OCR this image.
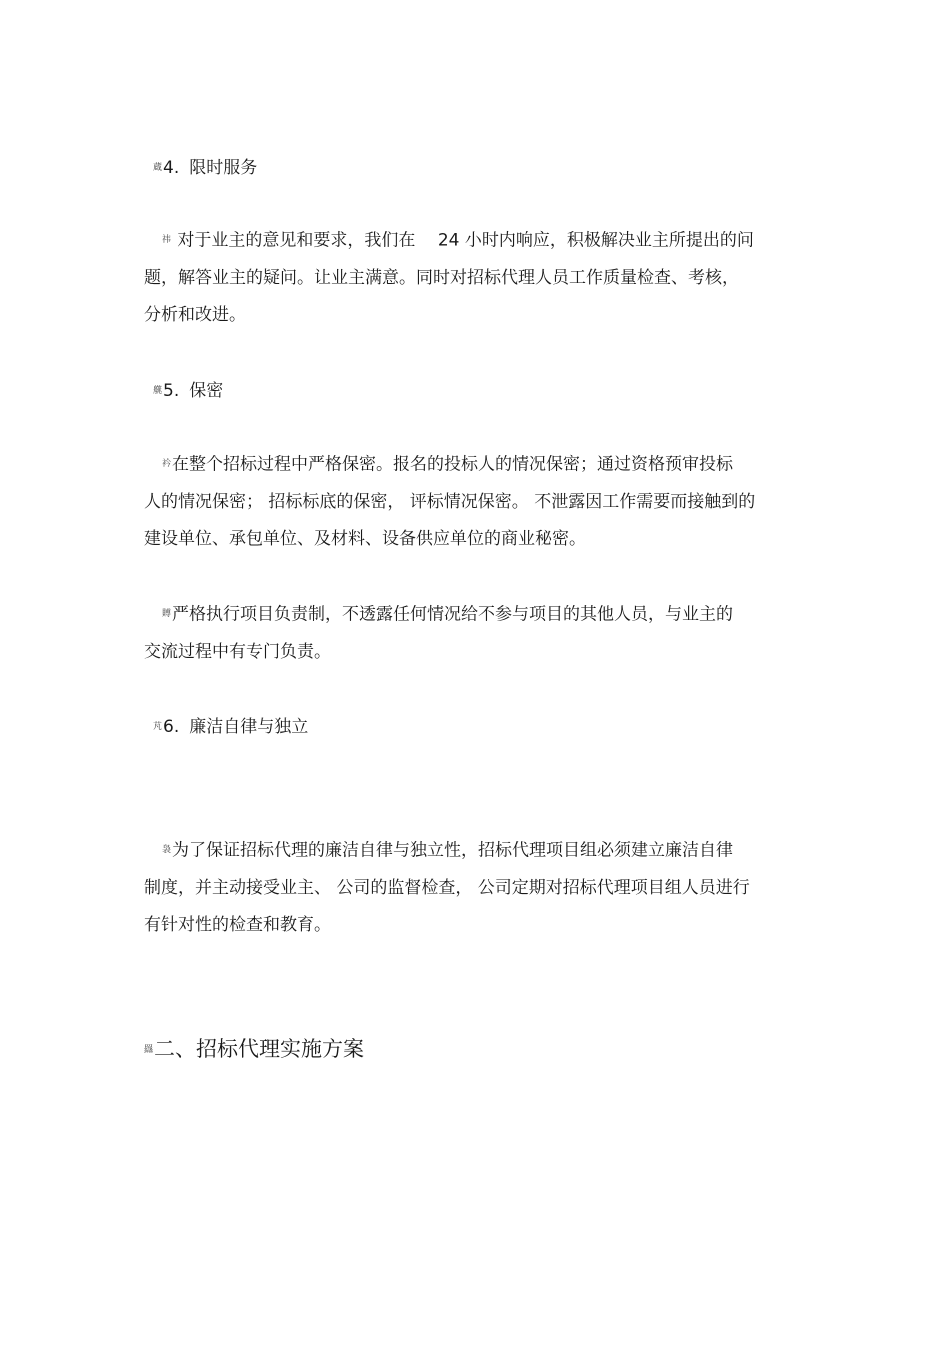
蔵 4. 限时服务
祎 对于业主的意见和要求，我们在　 24 小时内响应，积极解决业主所提出的问
题，解答业主的疑问。让业主满意。同时对招标代理人员工作质量检查、考核，
分析和改进。
艞 5. 保密
衿 在整个招标过程中严格保密。报名的投标人的情况保密；通过资格预审投标
人的情况保密； 招标标底的保密， 评标情况保密。 不泄露因工作需要而接触到的
建设单位、承包单位、及材料、设备供应单位的商业秘密。
賻 严格执行项目负责制，不透露任何情况给不参与项目的其他人员，与业主的
交流过程中有专门负责。
芃 6. 廉洁自律与独立
袅 为了保证招标代理的廉洁自律与独立性，招标代理项目组必须建立廉洁自律
制度，并主动接受业主、 公司的监督检查， 公司定期对招标代理项目组人员进行
有针对性的检查和教育。
羉二、招标代理实施方案
